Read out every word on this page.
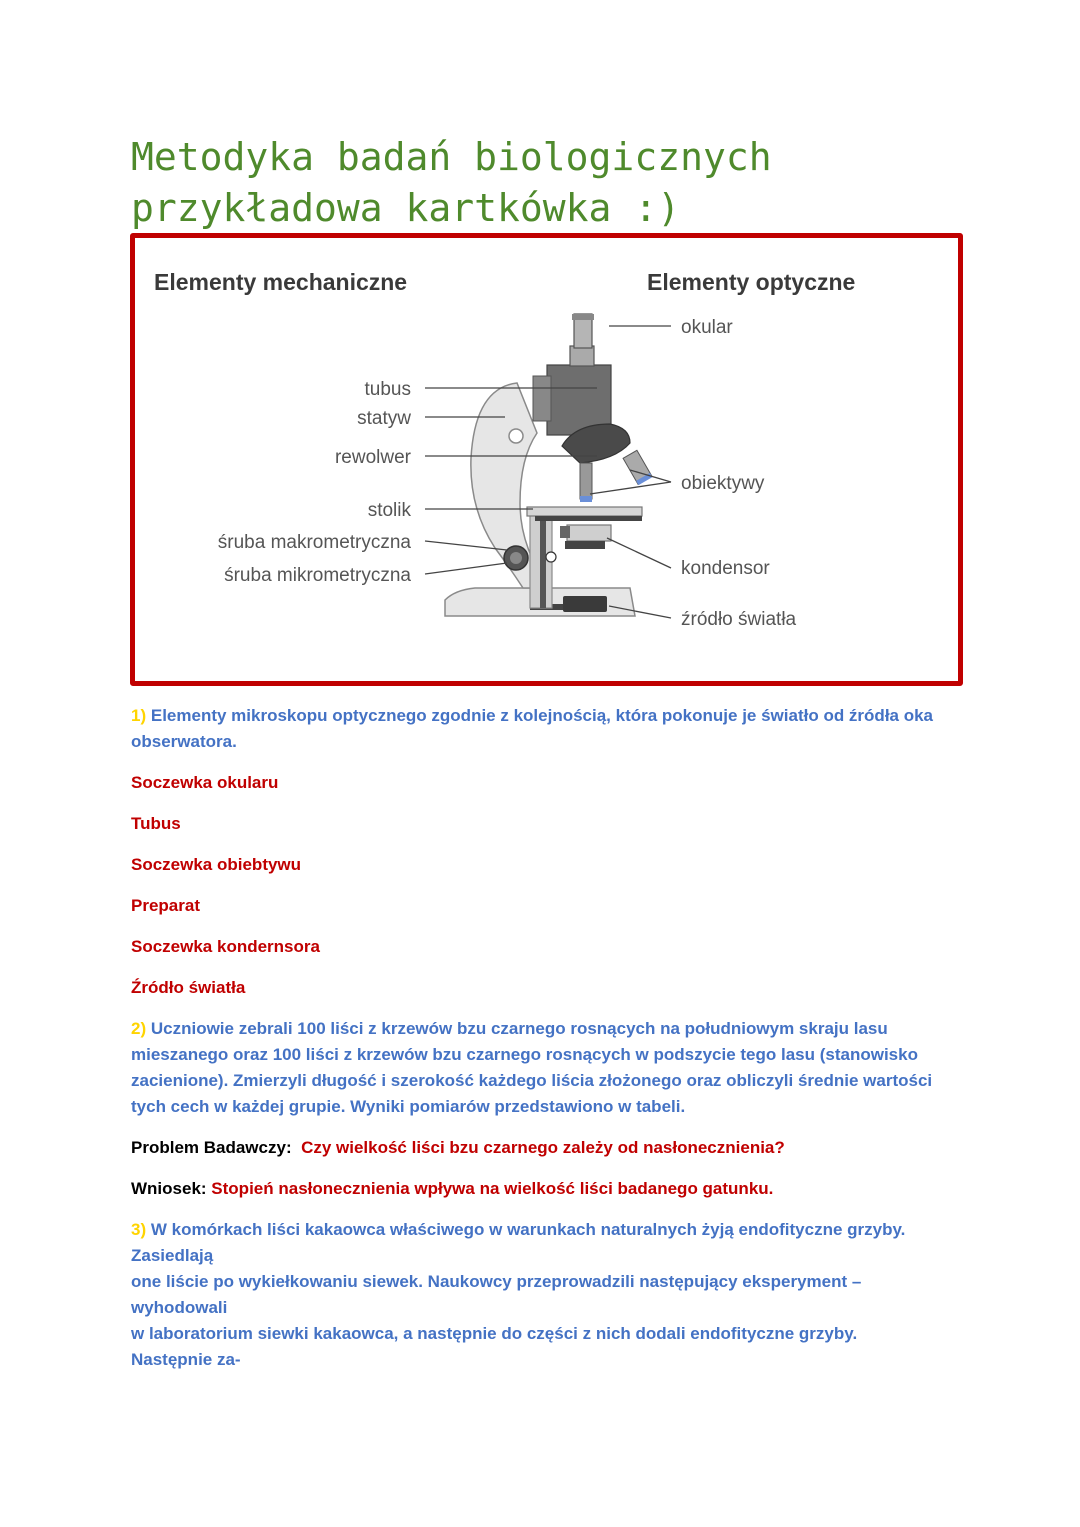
Metodyka badań biologicznych
przykładowa kartkówka :)
Elementy mechaniczne	Elementy optyczne
tubus
statyw
rewolwer
stolik
śruba makrometryczna
śruba mikrometryczna
okular
obiektywy
kondensor
źródło światła

1) Elementy mikroskopu optycznego zgodnie z kolejnością, która pokonuje je światło od źródła oka obserwatora.

Soczewka okularu

Tubus

Soczewka obiebtywu

Preparat

Soczewka kondernsora

Źródło światła

2) Uczniowie zebrali 100 liści z krzewów bzu czarnego rosnących na południowym skraju lasu mieszanego oraz 100 liści z krzewów bzu czarnego rosnących w podszycie tego lasu (stanowisko zacienione). Zmierzyli długość i szerokość każdego liścia złożonego oraz obliczyli średnie wartości tych cech w każdej grupie. Wyniki pomiarów przedstawiono w tabeli.

Problem Badawczy: Czy wielkość liści bzu czarnego zależy od nasłonecznienia?

Wniosek: Stopień nasłonecznienia wpływa na wielkość liści badanego gatunku.

3) W komórkach liści kakaowca właściwego w warunkach naturalnych żyją endofityczne grzyby.
Zasiedlają
one liście po wykiełkowaniu siewek. Naukowcy przeprowadzili następujący eksperyment –
wyhodowali
w laboratorium siewki kakaowca, a następnie do części z nich dodali endofityczne grzyby.
Następnie za-
